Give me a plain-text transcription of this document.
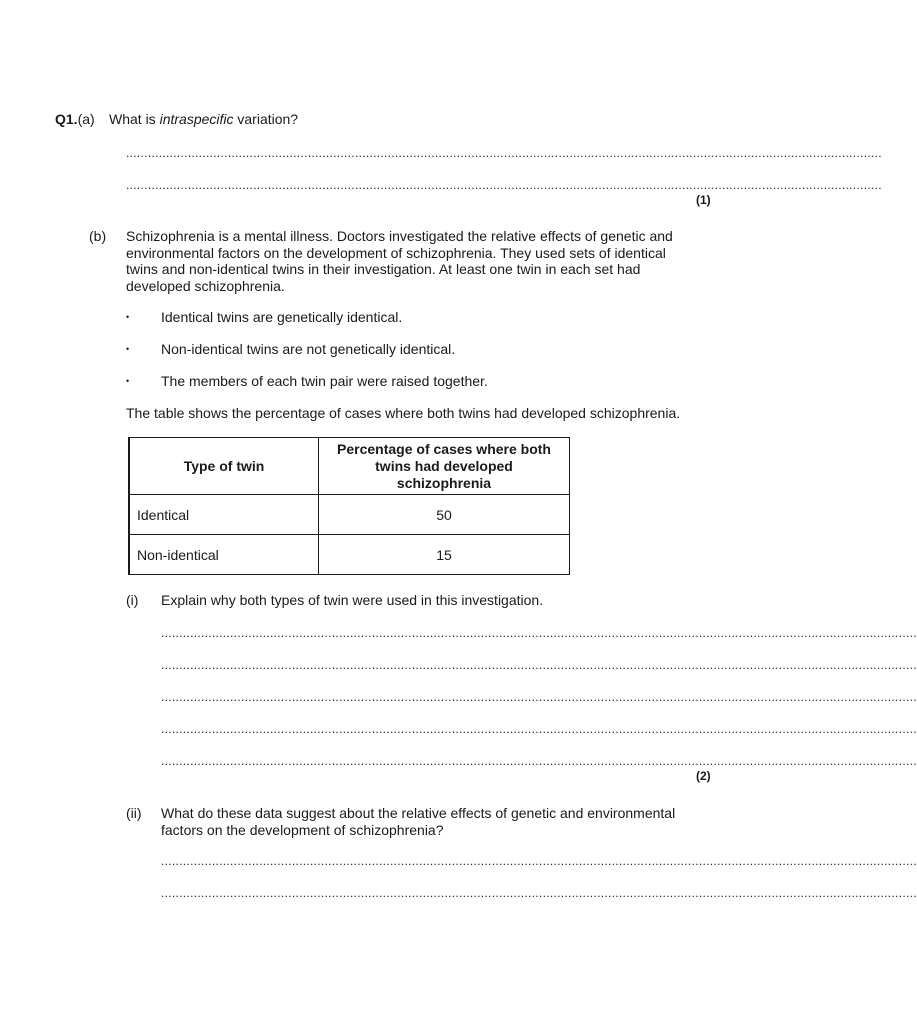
Q1.(a) What is intraspecific variation?
................................................................................................................................................................................................................
................................................................................................................................................................................................................
(1)
(b) Schizophrenia is a mental illness. Doctors investigated the relative effects of genetic and environmental factors on the development of schizophrenia. They used sets of identical twins and non-identical twins in their investigation. At least one twin in each set had developed schizophrenia.
• Identical twins are genetically identical.
• Non-identical twins are not genetically identical.
• The members of each twin pair were raised together.
The table shows the percentage of cases where both twins had developed schizophrenia.
Type of twin	Percentage of cases where both twins had developed schizophrenia
Identical	50
Non-identical	15
(i) Explain why both types of twin were used in this investigation.
................................................................................................................................................................................................................
................................................................................................................................................................................................................
................................................................................................................................................................................................................
................................................................................................................................................................................................................
................................................................................................................................................................................................................
(2)
(ii) What do these data suggest about the relative effects of genetic and environmental factors on the development of schizophrenia?
................................................................................................................................................................................................................
................................................................................................................................................................................................................
